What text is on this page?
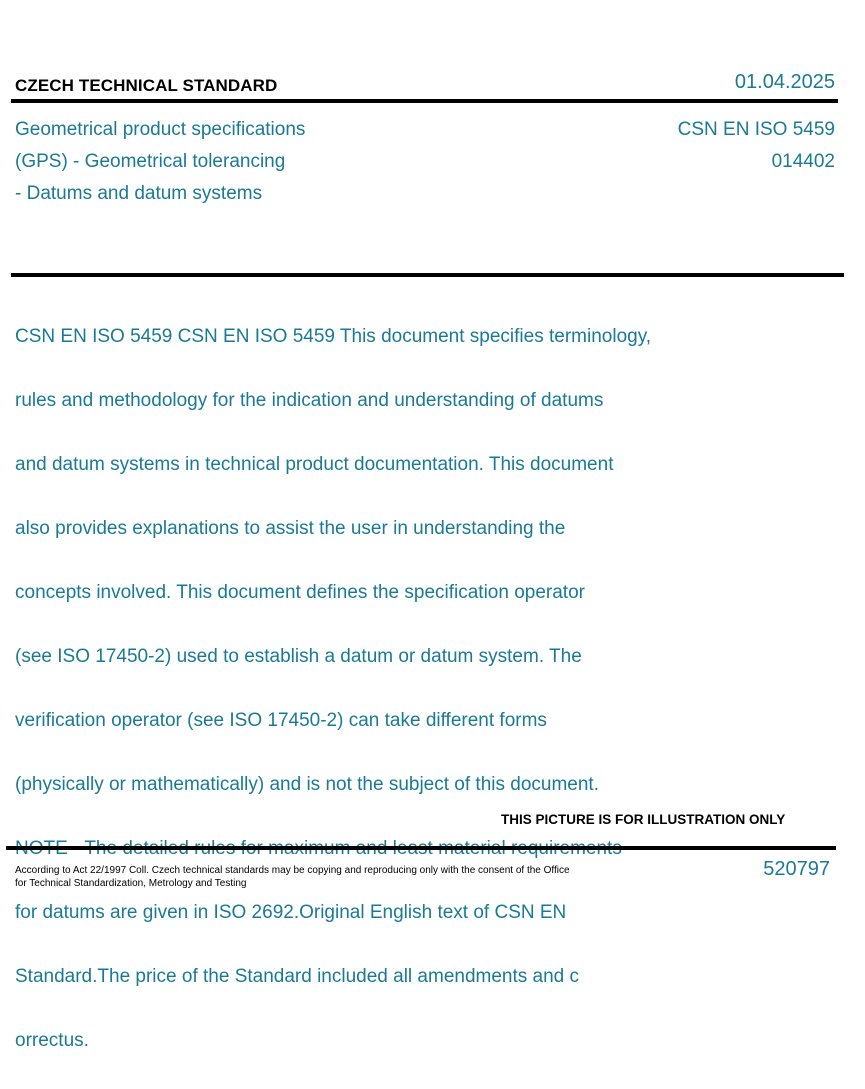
CZECH TECHNICAL STANDARD	01.04.2025
Geometrical product specifications
(GPS) - Geometrical tolerancing
- Datums and datum systems
CSN EN ISO 5459
014402

CSN EN ISO 5459 CSN EN ISO 5459 This document specifies terminology,

rules and methodology for the indication and understanding of datums

and datum systems in technical product documentation. This document

also provides explanations to assist the user in understanding the

concepts involved. This document defines the specification operator

(see ISO 17450-2) used to establish a datum or datum system. The

verification operator (see ISO 17450-2) can take different forms

(physically or mathematically) and is not the subject of this document.

for datums are given in ISO 2692.Original English text of CSN EN

Standard.The price of the Standard included all amendments and c

orrectus.

THIS PICTURE IS FOR ILLUSTRATION ONLY
According to Act 22/1997 Coll. Czech technical standards may be copying and reproducing only with the consent of the Office
for Technical Standardization, Metrology and Testing
520797
